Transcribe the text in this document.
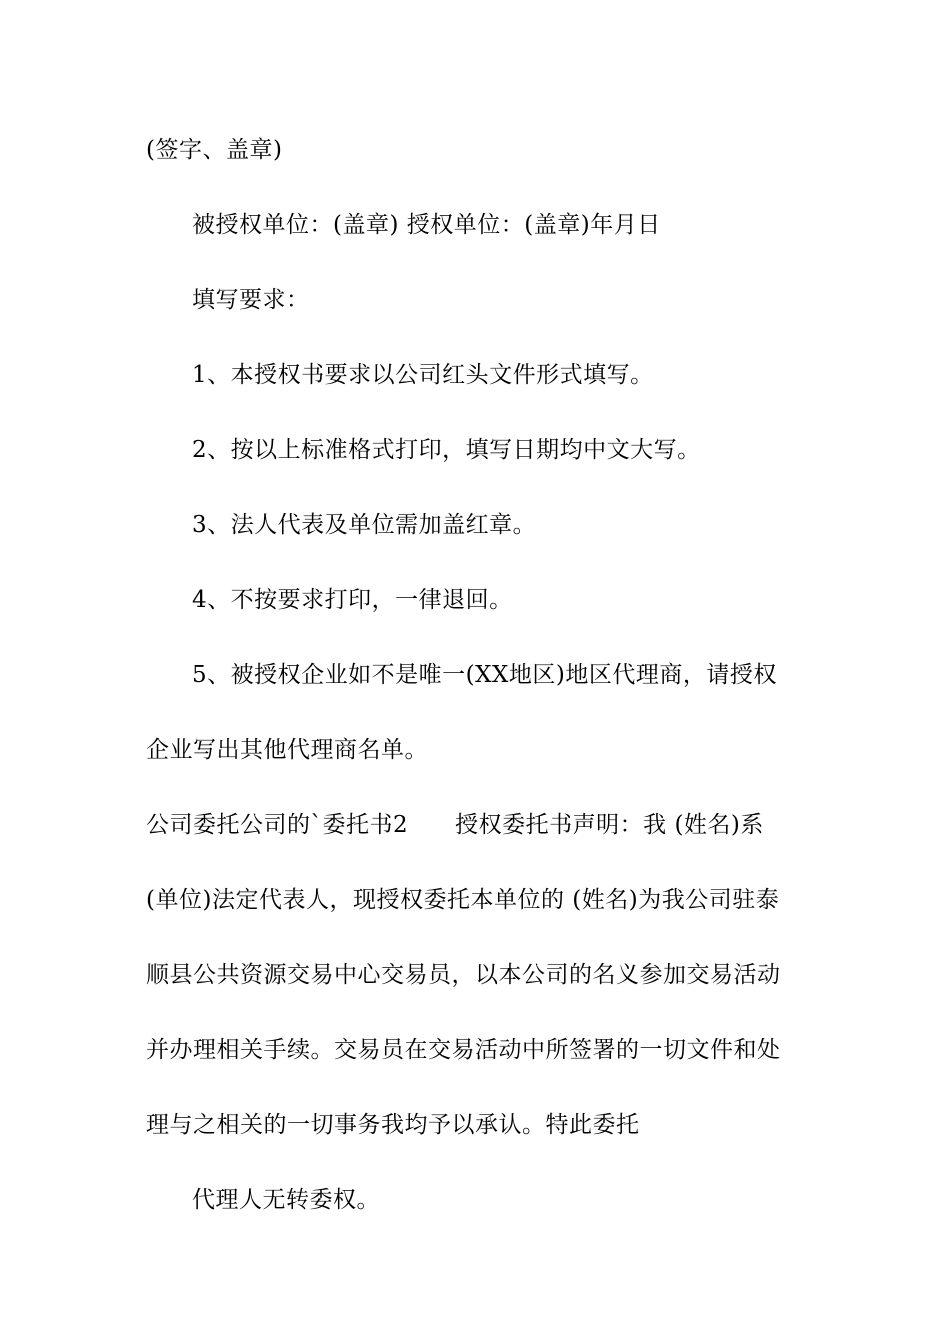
(签字、盖章)
被授权单位：(盖章) 授权单位：(盖章)年月日
填写要求：
1、本授权书要求以公司红头文件形式填写。
2、按以上标准格式打印，填写日期均中文大写。
3、法人代表及单位需加盖红章。
4、不按要求打印，一律退回。
5、被授权企业如不是唯一(XX地区)地区代理商，请授权
企业写出其他代理商名单。
公司委托公司的`委托书2　　授权委托书声明：我 (姓名)系
(单位)法定代表人，现授权委托本单位的 (姓名)为我公司驻泰
顺县公共资源交易中心交易员，以本公司的名义参加交易活动
并办理相关手续。交易员在交易活动中所签署的一切文件和处
理与之相关的一切事务我均予以承认。特此委托
代理人无转委权。
